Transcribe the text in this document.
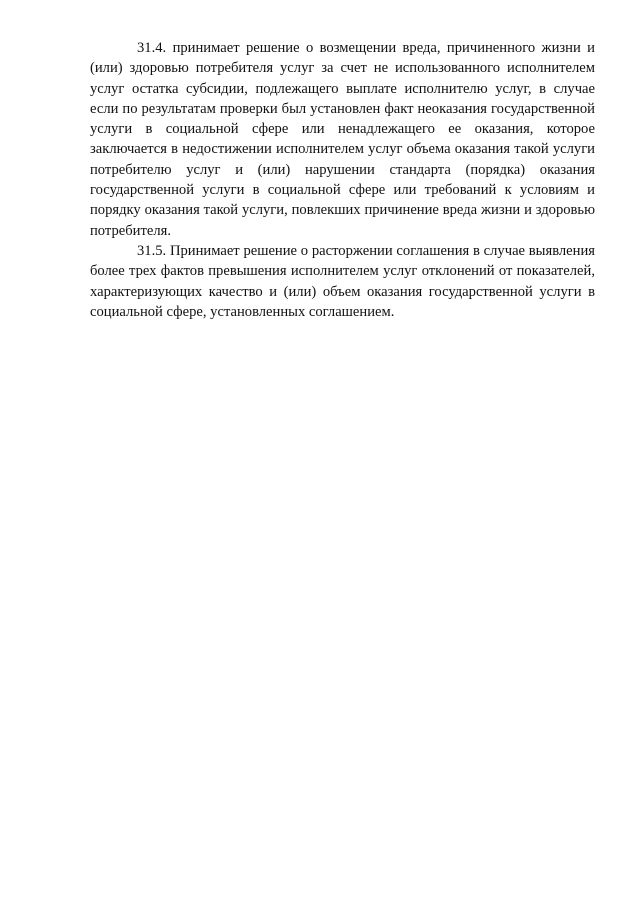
31.4. принимает решение о возмещении вреда, причиненного жизни и (или) здоровью потребителя услуг за счет не использованного исполнителем услуг остатка субсидии, подлежащего выплате исполнителю услуг, в случае если по результатам проверки был установлен факт неоказания государственной услуги в социальной сфере или ненадлежащего ее оказания, которое заключается в недостижении исполнителем услуг объема оказания такой услуги потребителю услуг и (или) нарушении стандарта (порядка) оказания государственной услуги в социальной сфере или требований к условиям и порядку оказания такой услуги, повлекших причинение вреда жизни и здоровью потребителя.

31.5. Принимает решение о расторжении соглашения в случае выявления более трех фактов превышения исполнителем услуг отклонений от показателей, характеризующих качество и (или) объем оказания государственной услуги в социальной сфере, установленных соглашением.
